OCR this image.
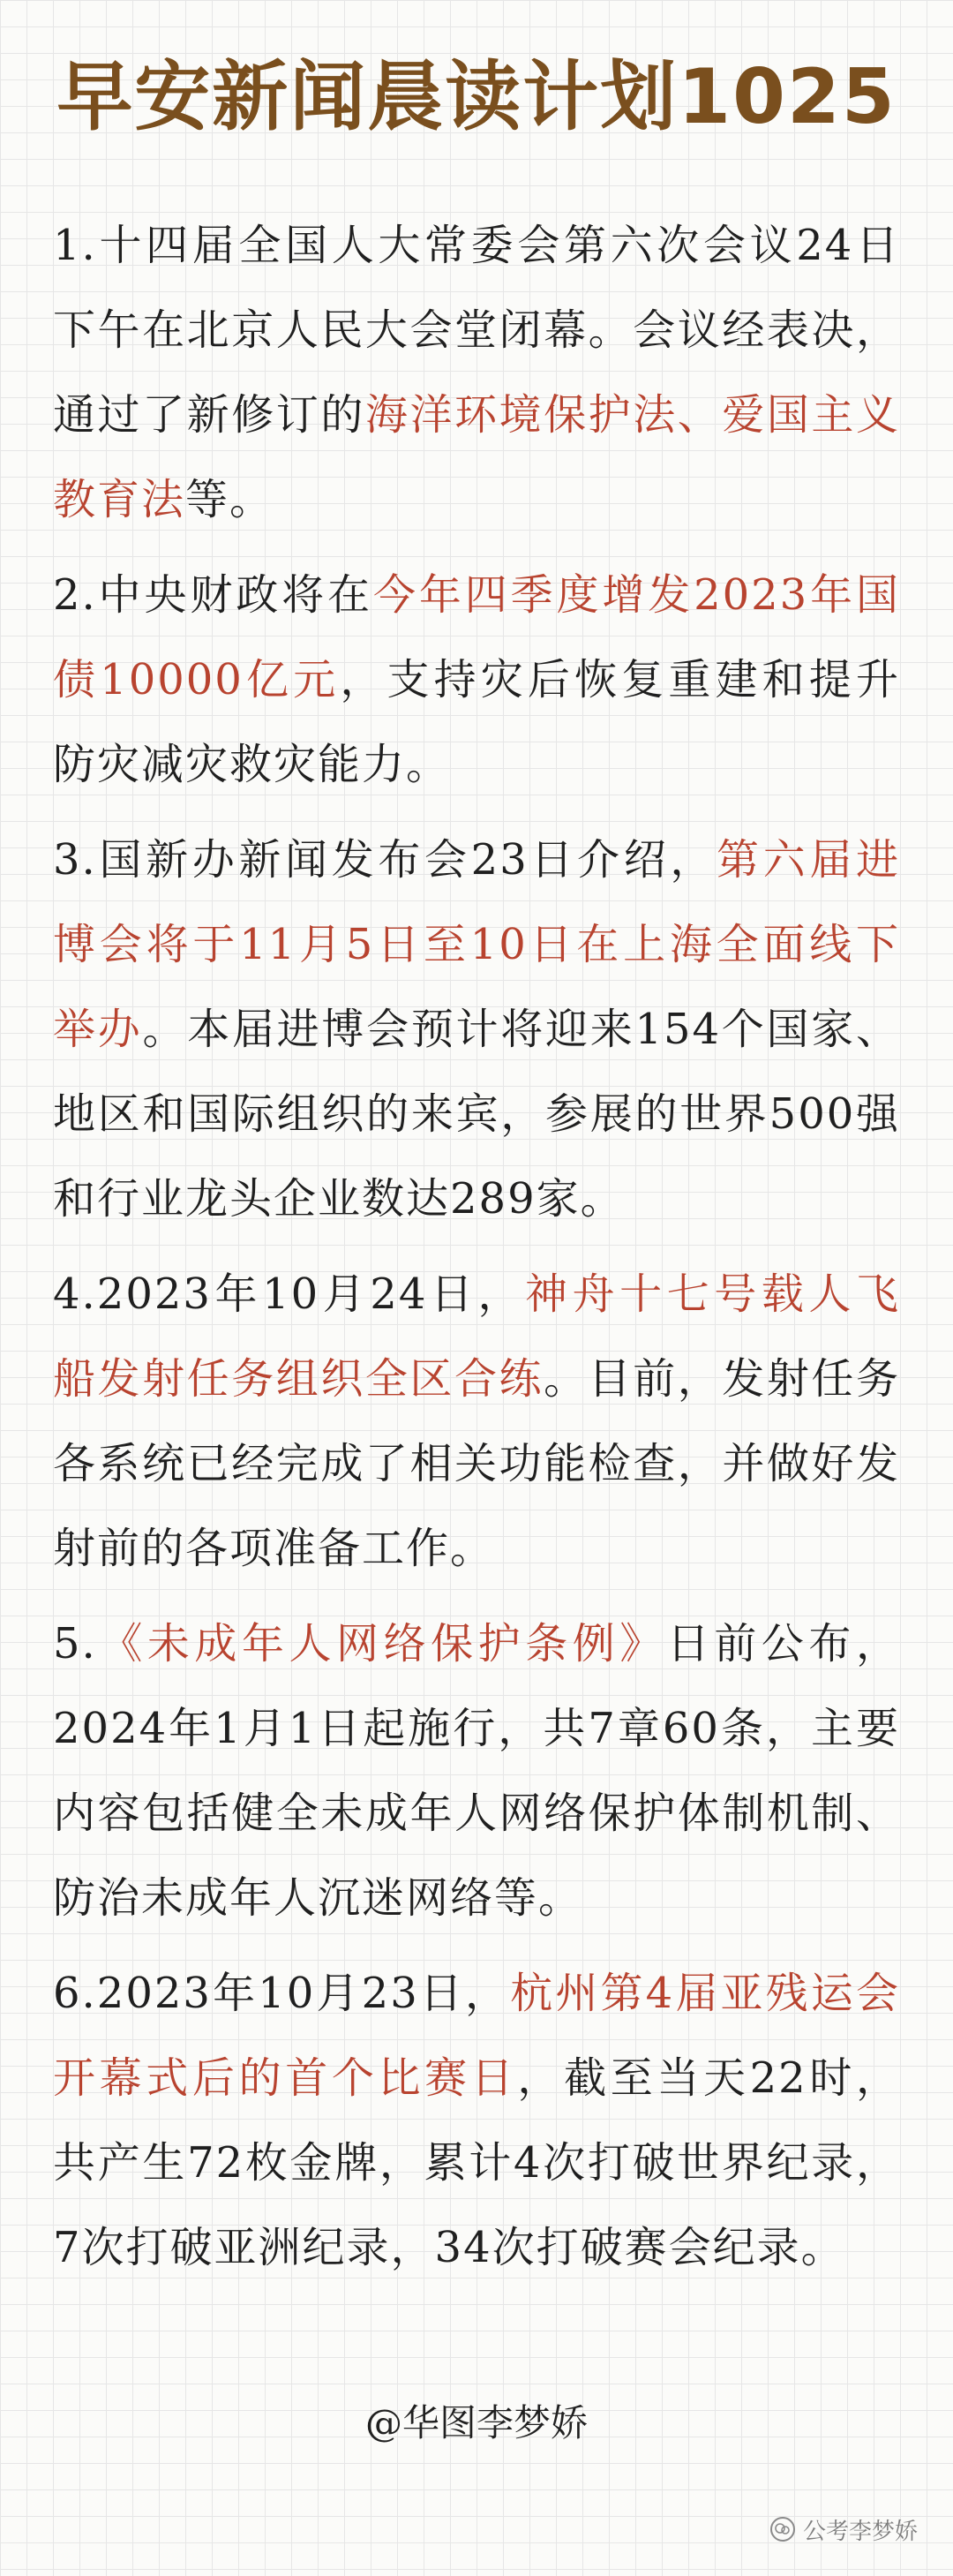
早安新闻晨读计划1025

1.十四届全国人大常委会第六次会议24日下午在北京人民大会堂闭幕。会议经表决，通过了新修订的海洋环境保护法、爱国主义教育法等。

2.中央财政将在今年四季度增发2023年国债10000亿元，支持灾后恢复重建和提升防灾减灾救灾能力。

3.国新办新闻发布会23日介绍，第六届进博会将于11月5日至10日在上海全面线下举办。本届进博会预计将迎来154个国家、地区和国际组织的来宾，参展的世界500强和行业龙头企业数达289家。

4.2023年10月24日，神舟十七号载人飞船发射任务组织全区合练。目前，发射任务各系统已经完成了相关功能检查，并做好发射前的各项准备工作。

5.《未成年人网络保护条例》日前公布，2024年1月1日起施行，共7章60条，主要内容包括健全未成年人网络保护体制机制、防治未成年人沉迷网络等。

6.2023年10月23日，杭州第4届亚残运会开幕式后的首个比赛日，截至当天22时，共产生72枚金牌，累计4次打破世界纪录，7次打破亚洲纪录，34次打破赛会纪录。

@华图李梦娇
公考李梦娇
